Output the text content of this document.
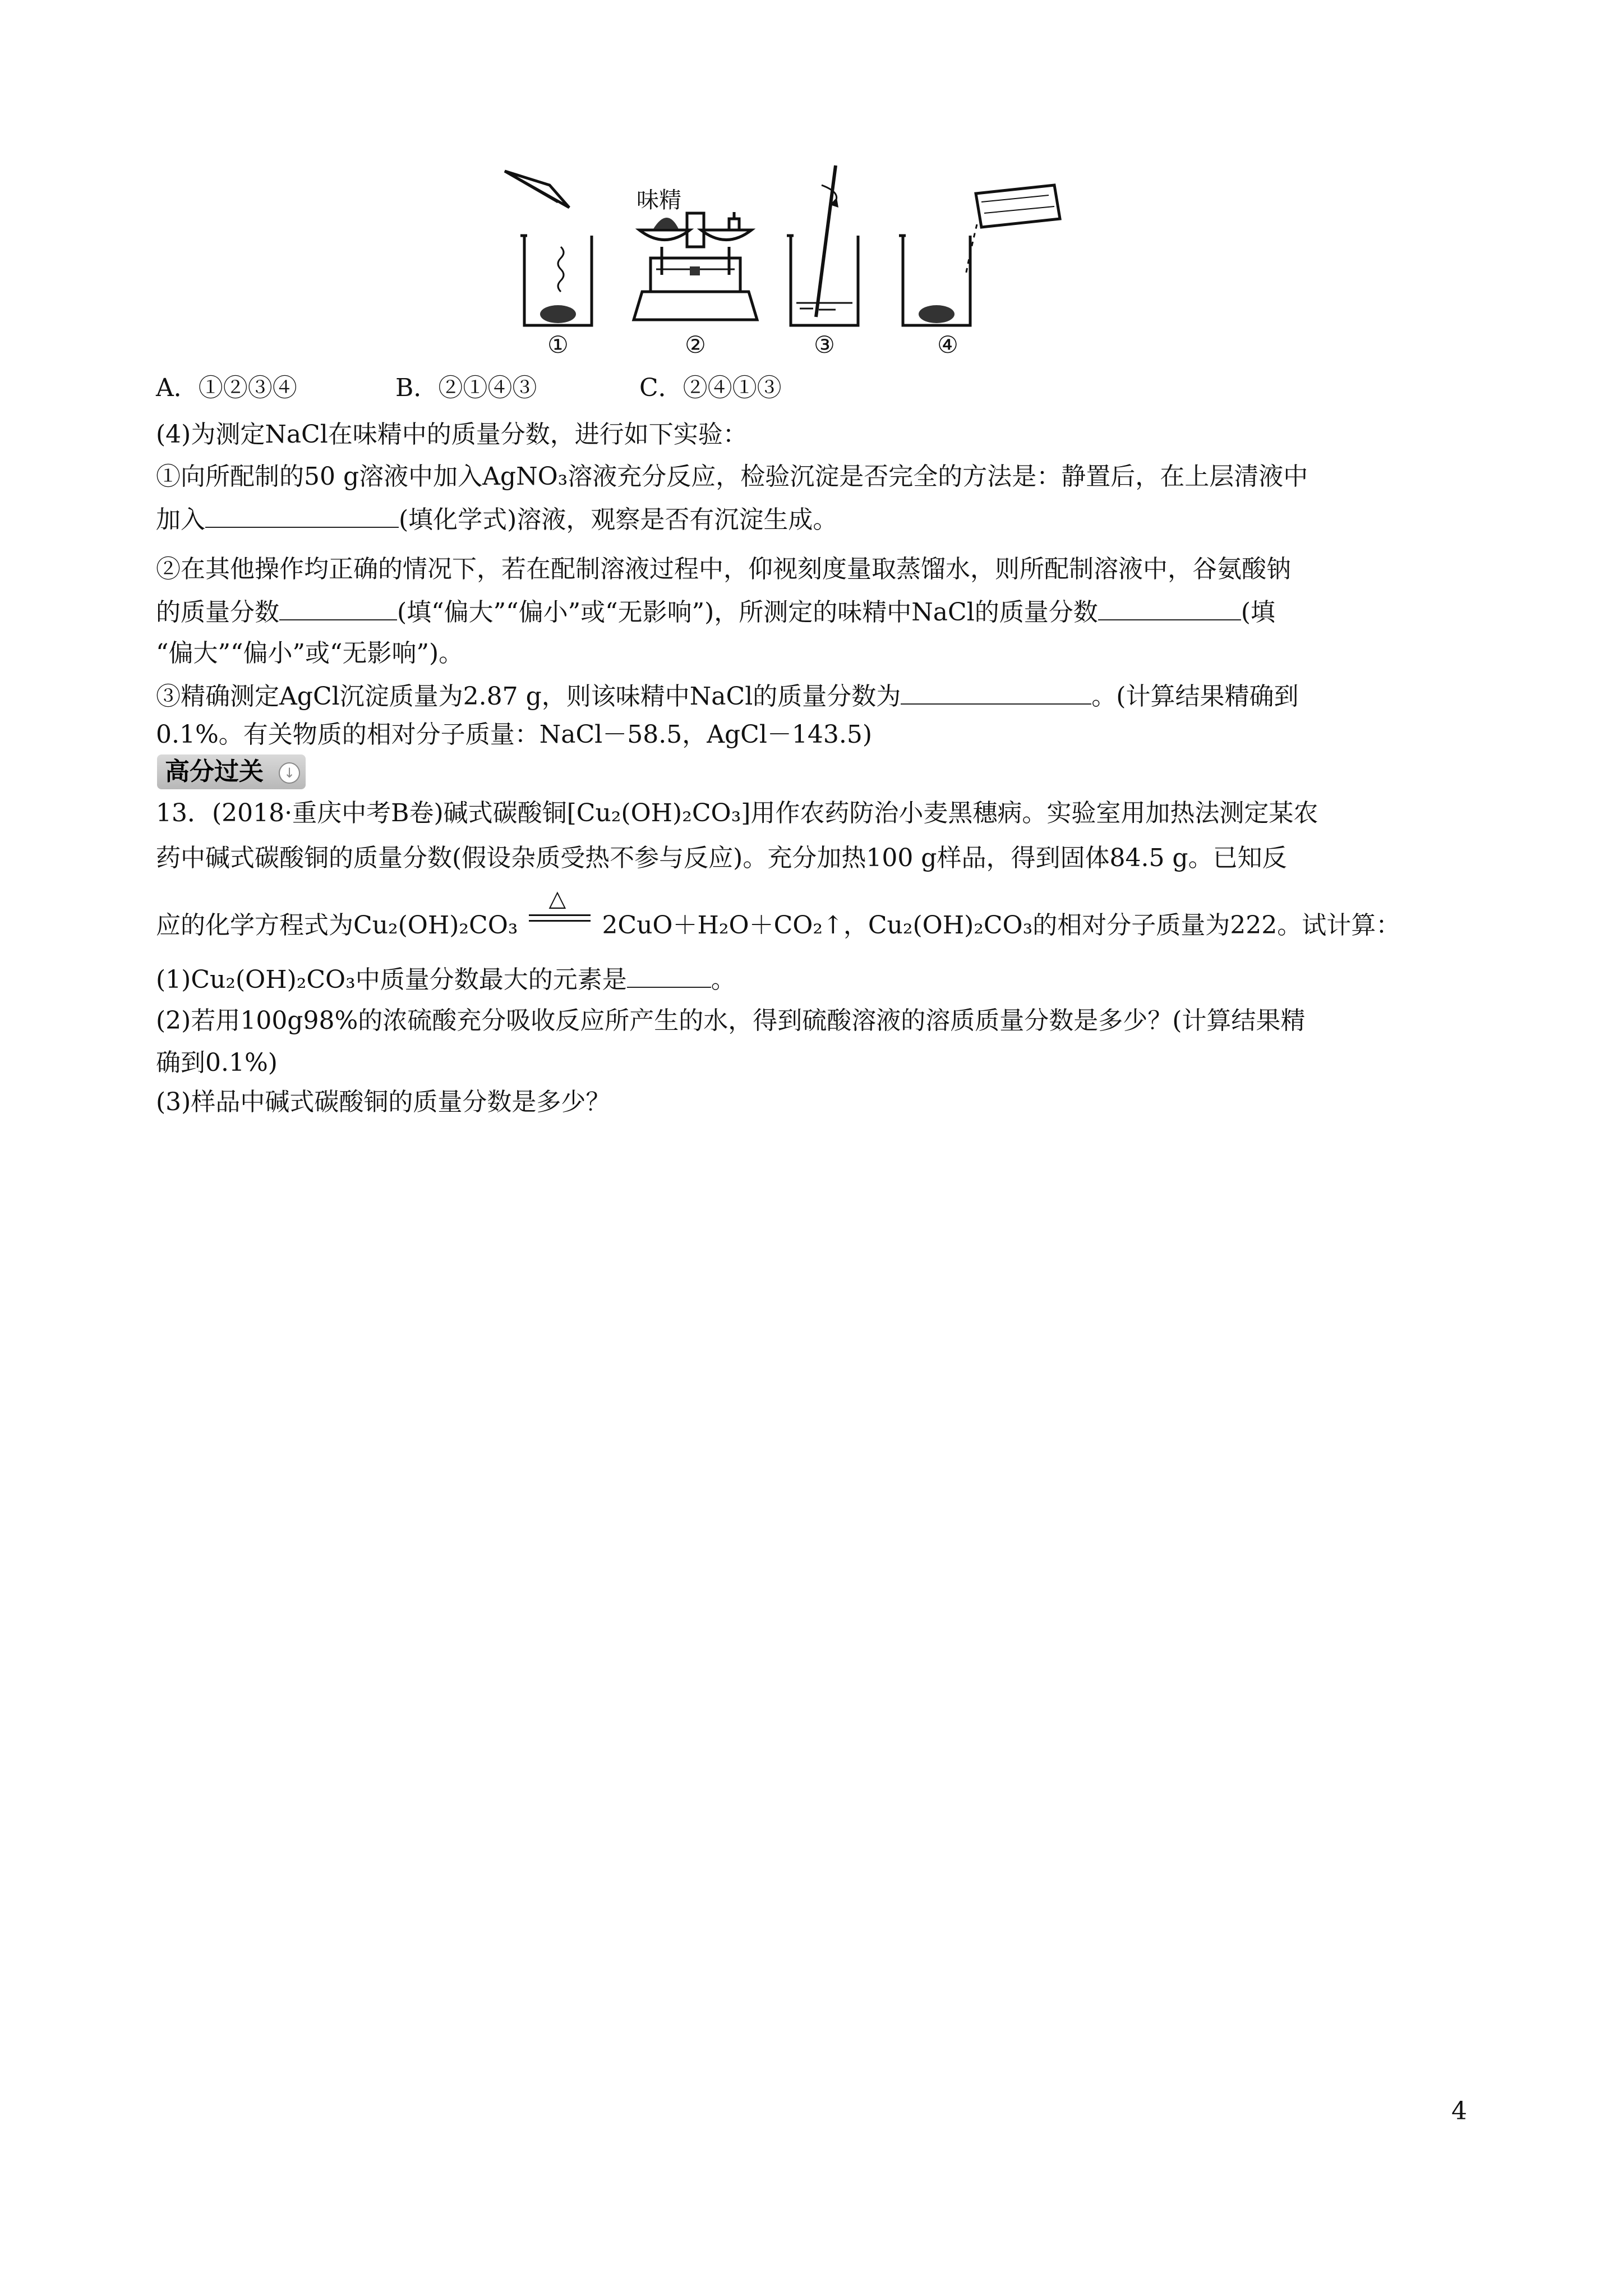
味精
①	②	③	④
A．①②③④	B．②①④③	C．②④①③
(4)为测定NaCl在味精中的质量分数，进行如下实验：
①向所配制的50 g溶液中加入AgNO₃溶液充分反应，检验沉淀是否完全的方法是：静置后，在上层清液中
加入	(填化学式)溶液，观察是否有沉淀生成。
②在其他操作均正确的情况下，若在配制溶液过程中，仰视刻度量取蒸馏水，则所配制溶液中，谷氨酸钠
的质量分数	(填“偏大”“偏小”或“无影响”)，所测定的味精中NaCl的质量分数	(填
“偏大”“偏小”或“无影响”)。
③精确测定AgCl沉淀质量为2.87 g，则该味精中NaCl的质量分数为	。(计算结果精确到
0.1%。有关物质的相对分子质量：NaCl－58.5，AgCl－143.5)
高分过关	↓
13．(2018·重庆中考B卷)碱式碳酸铜[Cu₂(OH)₂CO₃]用作农药防治小麦黑穗病。实验室用加热法测定某农
药中碱式碳酸铜的质量分数(假设杂质受热不参与反应)。充分加热100 g样品，得到固体84.5 g。已知反
应的化学方程式为Cu₂(OH)₂CO₃
△
2CuO＋H₂O＋CO₂↑，Cu₂(OH)₂CO₃的相对分子质量为222。试计算：
(1)Cu₂(OH)₂CO₃中质量分数最大的元素是	。
(2)若用100g98%的浓硫酸充分吸收反应所产生的水，得到硫酸溶液的溶质质量分数是多少？(计算结果精
确到0.1%)
(3)样品中碱式碳酸铜的质量分数是多少？
4
